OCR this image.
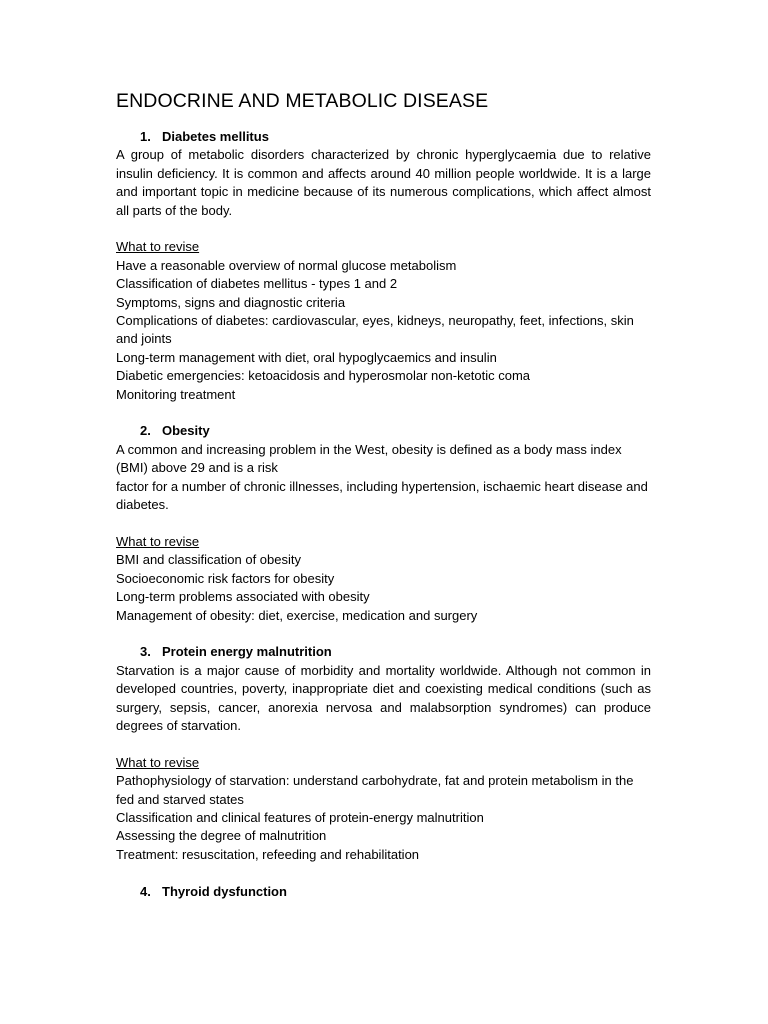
ENDOCRINE AND METABOLIC DISEASE

1. Diabetes mellitus

A group of metabolic disorders characterized by chronic hyperglycaemia due to relative insulin deficiency. It is common and affects around 40 million people worldwide. It is a large and important topic in medicine because of its numerous complications, which affect almost all parts of the body.

What to revise

Have a reasonable overview of normal glucose metabolism
Classification of diabetes mellitus - types 1 and 2
Symptoms, signs and diagnostic criteria
Complications of diabetes: cardiovascular, eyes, kidneys, neuropathy, feet, infections, skin and joints
Long-term management with diet, oral hypoglycaemics and insulin
Diabetic emergencies: ketoacidosis and hyperosmolar non-ketotic coma
Monitoring treatment

2. Obesity

A common and increasing problem in the West, obesity is defined as a body mass index (BMI) above 29 and is a risk

factor for a number of chronic illnesses, including hypertension, ischaemic heart disease and diabetes.

What to revise

BMI and classification of obesity
Socioeconomic risk factors for obesity
Long-term problems associated with obesity
Management of obesity: diet, exercise, medication and surgery

3. Protein energy malnutrition

Starvation is a major cause of morbidity and mortality worldwide. Although not common in developed countries, poverty, inappropriate diet and coexisting medical conditions (such as surgery, sepsis, cancer, anorexia nervosa and malabsorption syndromes) can produce degrees of starvation.

What to revise

Pathophysiology of starvation: understand carbohydrate, fat and protein metabolism in the fed and starved states
Classification and clinical features of protein-energy malnutrition
Assessing the degree of malnutrition
Treatment: resuscitation, refeeding and rehabilitation

4. Thyroid dysfunction
